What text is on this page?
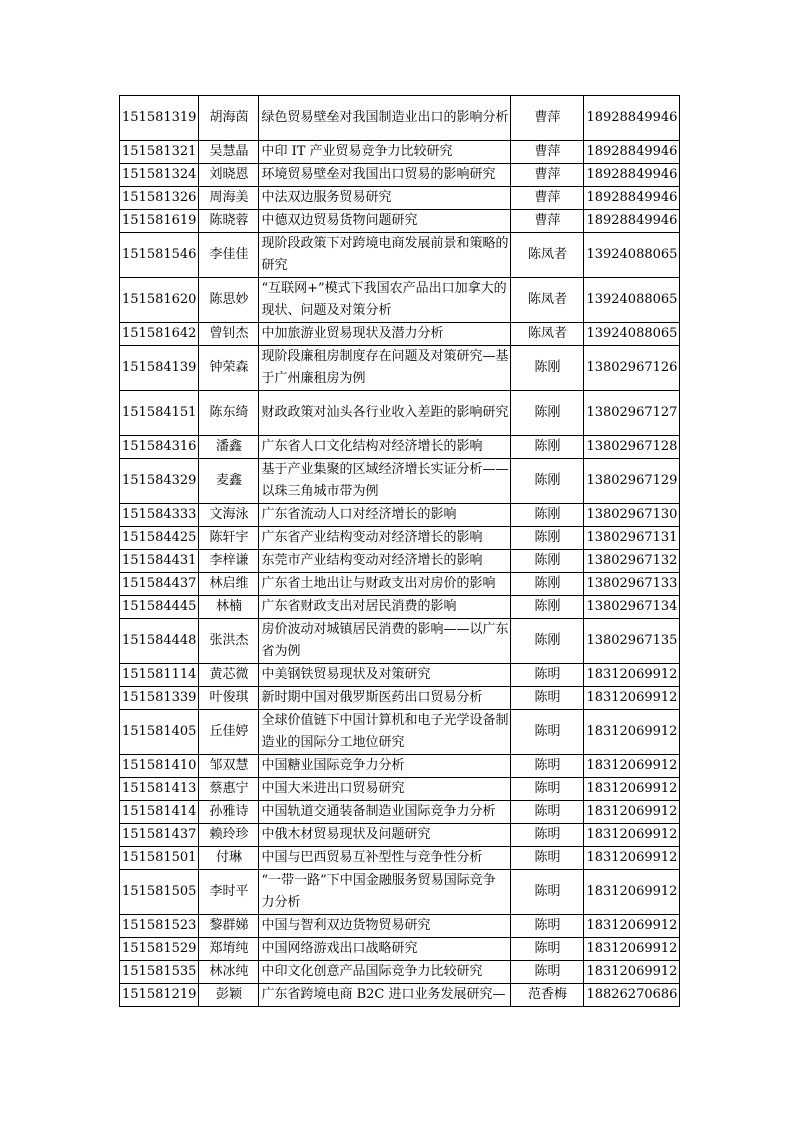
151581319	胡海茵	绿色贸易壁垒对我国制造业出口的影响分析	曹萍	18928849946
151581321	吴慧晶	中印 IT 产业贸易竞争力比较研究	曹萍	18928849946
151581324	刘晓恩	环境贸易壁垒对我国出口贸易的影响研究	曹萍	18928849946
151581326	周海美	中法双边服务贸易研究	曹萍	18928849946
151581619	陈晓蓉	中德双边贸易货物问题研究	曹萍	18928849946
151581546	李佳佳	现阶段政策下对跨境电商发展前景和策略的研究	陈凤者	13924088065
151581620	陈思妙	“互联网+”模式下我国农产品出口加拿大的现状、问题及对策分析	陈凤者	13924088065
151581642	曾钊杰	中加旅游业贸易现状及潜力分析	陈凤者	13924088065
151584139	钟荣森	现阶段廉租房制度存在问题及对策研究—基于广州廉租房为例	陈刚	13802967126
151584151	陈东绮	财政政策对汕头各行业收入差距的影响研究	陈刚	13802967127
151584316	潘鑫	广东省人口文化结构对经济增长的影响	陈刚	13802967128
151584329	麦鑫	基于产业集聚的区域经济增长实证分析——以珠三角城市带为例	陈刚	13802967129
151584333	文海泳	广东省流动人口对经济增长的影响	陈刚	13802967130
151584425	陈轩宇	广东省产业结构变动对经济增长的影响	陈刚	13802967131
151584431	李梓谦	东莞市产业结构变动对经济增长的影响	陈刚	13802967132
151584437	林启维	广东省土地出让与财政支出对房价的影响	陈刚	13802967133
151584445	林楠	广东省财政支出对居民消费的影响	陈刚	13802967134
151584448	张洪杰	房价波动对城镇居民消费的影响——以广东省为例	陈刚	13802967135
151581114	黄芯微	中美钢铁贸易现状及对策研究	陈明	18312069912
151581339	叶俊琪	新时期中国对俄罗斯医药出口贸易分析	陈明	18312069912
151581405	丘佳婷	全球价值链下中国计算机和电子光学设备制造业的国际分工地位研究	陈明	18312069912
151581410	邹双慧	中国糖业国际竞争力分析	陈明	18312069912
151581413	蔡惠宁	中国大米进出口贸易研究	陈明	18312069912
151581414	孙雅诗	中国轨道交通装备制造业国际竞争力分析	陈明	18312069912
151581437	赖玲珍	中俄木材贸易现状及问题研究	陈明	18312069912
151581501	付琳	中国与巴西贸易互补型性与竞争性分析	陈明	18312069912
151581505	李时平	“一带一路”下中国金融服务贸易国际竞争力分析	陈明	18312069912
151581523	黎群娣	中国与智利双边货物贸易研究	陈明	18312069912
151581529	郑堉纯	中国网络游戏出口战略研究	陈明	18312069912
151581535	林冰纯	中印文化创意产品国际竞争力比较研究	陈明	18312069912
151581219	彭颖	广东省跨境电商 B2C 进口业务发展研究—	范香梅	18826270686
